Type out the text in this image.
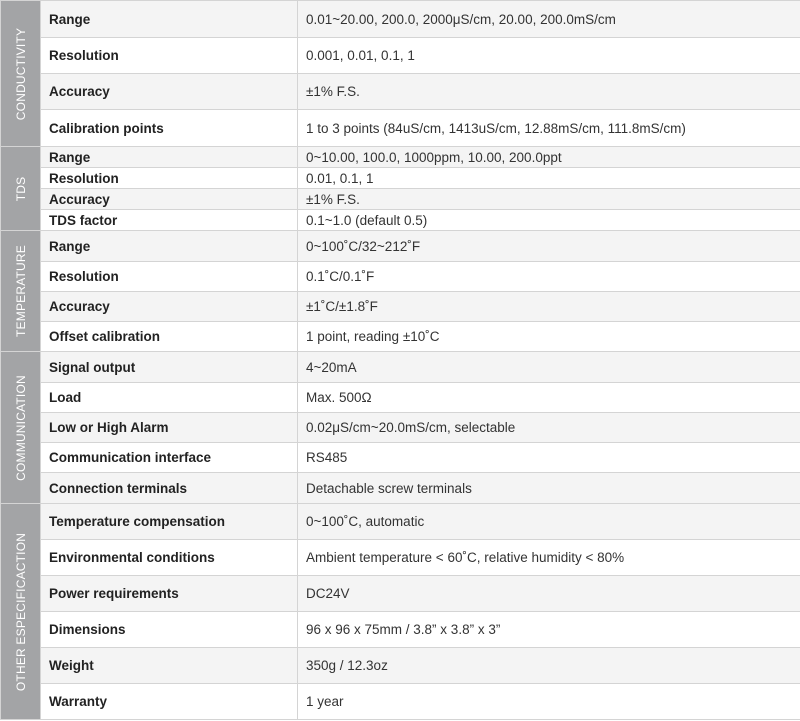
CONDUCTIVITY	Range	0.01~20.00, 200.0, 2000μS/cm, 20.00, 200.0mS/cm
	Resolution	0.001, 0.01, 0.1, 1
	Accuracy	±1% F.S.
	Calibration points	1 to 3 points (84uS/cm, 1413uS/cm, 12.88mS/cm, 111.8mS/cm)

TDS	Range	0~10.00, 100.0, 1000ppm, 10.00, 200.0ppt
	Resolution	0.01, 0.1, 1
	Accuracy	±1% F.S.
	TDS factor	0.1~1.0 (default 0.5)

TEMPERATURE	Range	0~100˚C/32~212˚F
	Resolution	0.1˚C/0.1˚F
	Accuracy	±1˚C/±1.8˚F
	Offset calibration	1 point, reading ±10˚C

COMMUNICATION	Signal output	4~20mA
	Load	Max. 500Ω
	Low or High Alarm	0.02μS/cm~20.0mS/cm, selectable
	Communication interface	RS485
	Connection terminals	Detachable screw terminals

OTHER ESPECIFICACTION	Temperature compensation	0~100˚C, automatic
	Environmental conditions	Ambient temperature < 60˚C, relative humidity < 80%
	Power requirements	DC24V
	Dimensions	96 x 96 x 75mm / 3.8” x 3.8” x 3”
	Weight	350g / 12.3oz
	Warranty	1 year
